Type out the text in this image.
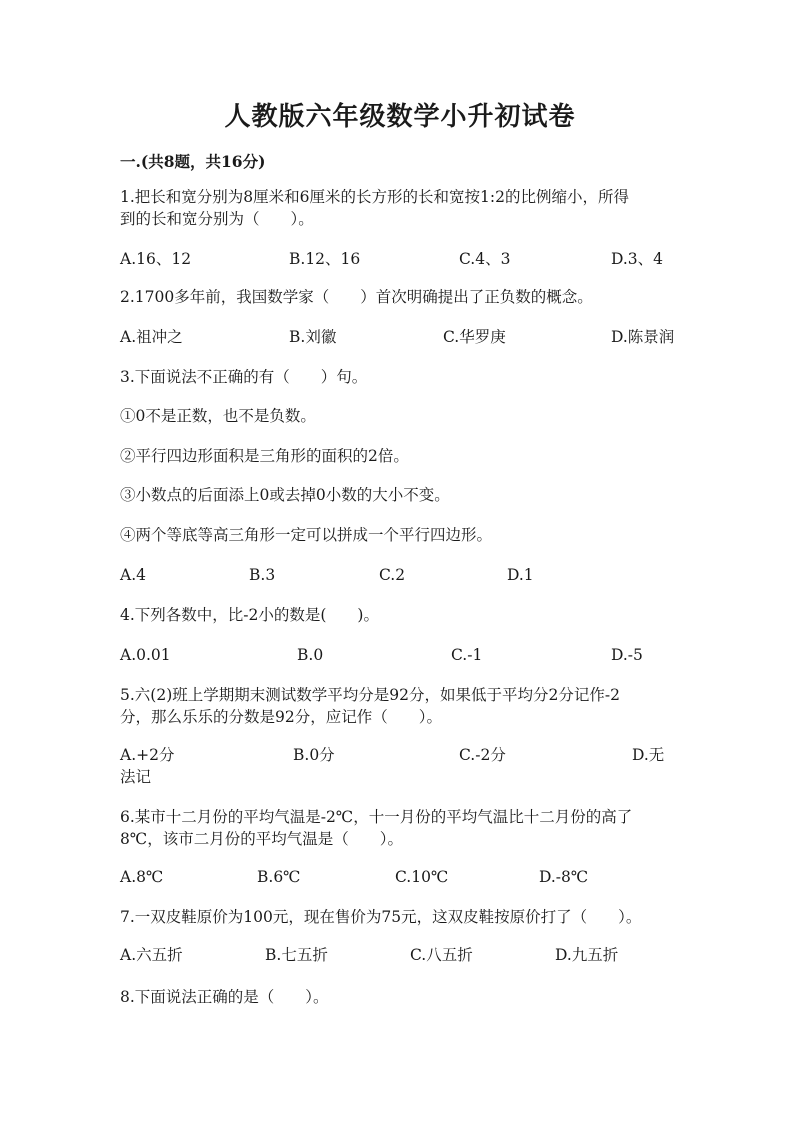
人教版六年级数学小升初试卷
一.(共8题，共16分)
1.把长和宽分别为8厘米和6厘米的长方形的长和宽按1:2的比例缩小，所得
到的长和宽分别为（　　）。
A.16、12	B.12、16	C.4、3	D.3、4
2.1700多年前，我国数学家（　　）首次明确提出了正负数的概念。
A.祖冲之	B.刘徽	C.华罗庚	D.陈景润
3.下面说法不正确的有（　　）句。
①0不是正数，也不是负数。
②平行四边形面积是三角形的面积的2倍。
③小数点的后面添上0或去掉0小数的大小不变。
④两个等底等高三角形一定可以拼成一个平行四边形。
A.4	B.3	C.2	D.1
4.下列各数中，比-2小的数是(　　)。
A.0.01	B.0	C.-1	D.-5
5.六(2)班上学期期末测试数学平均分是92分，如果低于平均分2分记作-2
分，那么乐乐的分数是92分，应记作（　　）。
A.+2分	B.0分	C.-2分	D.无
法记
6.某市十二月份的平均气温是-2℃，十一月份的平均气温比十二月份的高了
8℃，该市二月份的平均气温是（　　）。
A.8℃	B.6℃	C.10℃	D.-8℃
7.一双皮鞋原价为100元，现在售价为75元，这双皮鞋按原价打了（　　）。
A.六五折	B.七五折	C.八五折	D.九五折
8.下面说法正确的是（　　）。
